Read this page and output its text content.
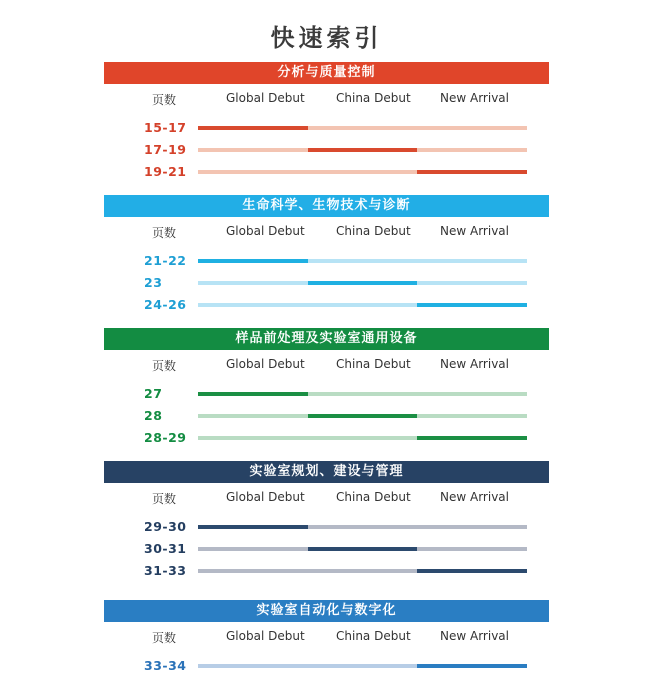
快速索引
分析与质量控制
页数	Global Debut	China Debut New Arrival
15-17
17-19
19-21
生命科学、生物技术与诊断
页数	Global Debut	China Debut New Arrival
21-22
23
24-26
样品前处理及实验室通用设备
页数	Global Debut	China Debut New Arrival
27
28
28-29
实验室规划、建设与管理
页数	Global Debut	China Debut New Arrival
29-30
30-31
31-33
实验室自动化与数字化
页数	Global Debut	China Debut New Arrival
33-34
